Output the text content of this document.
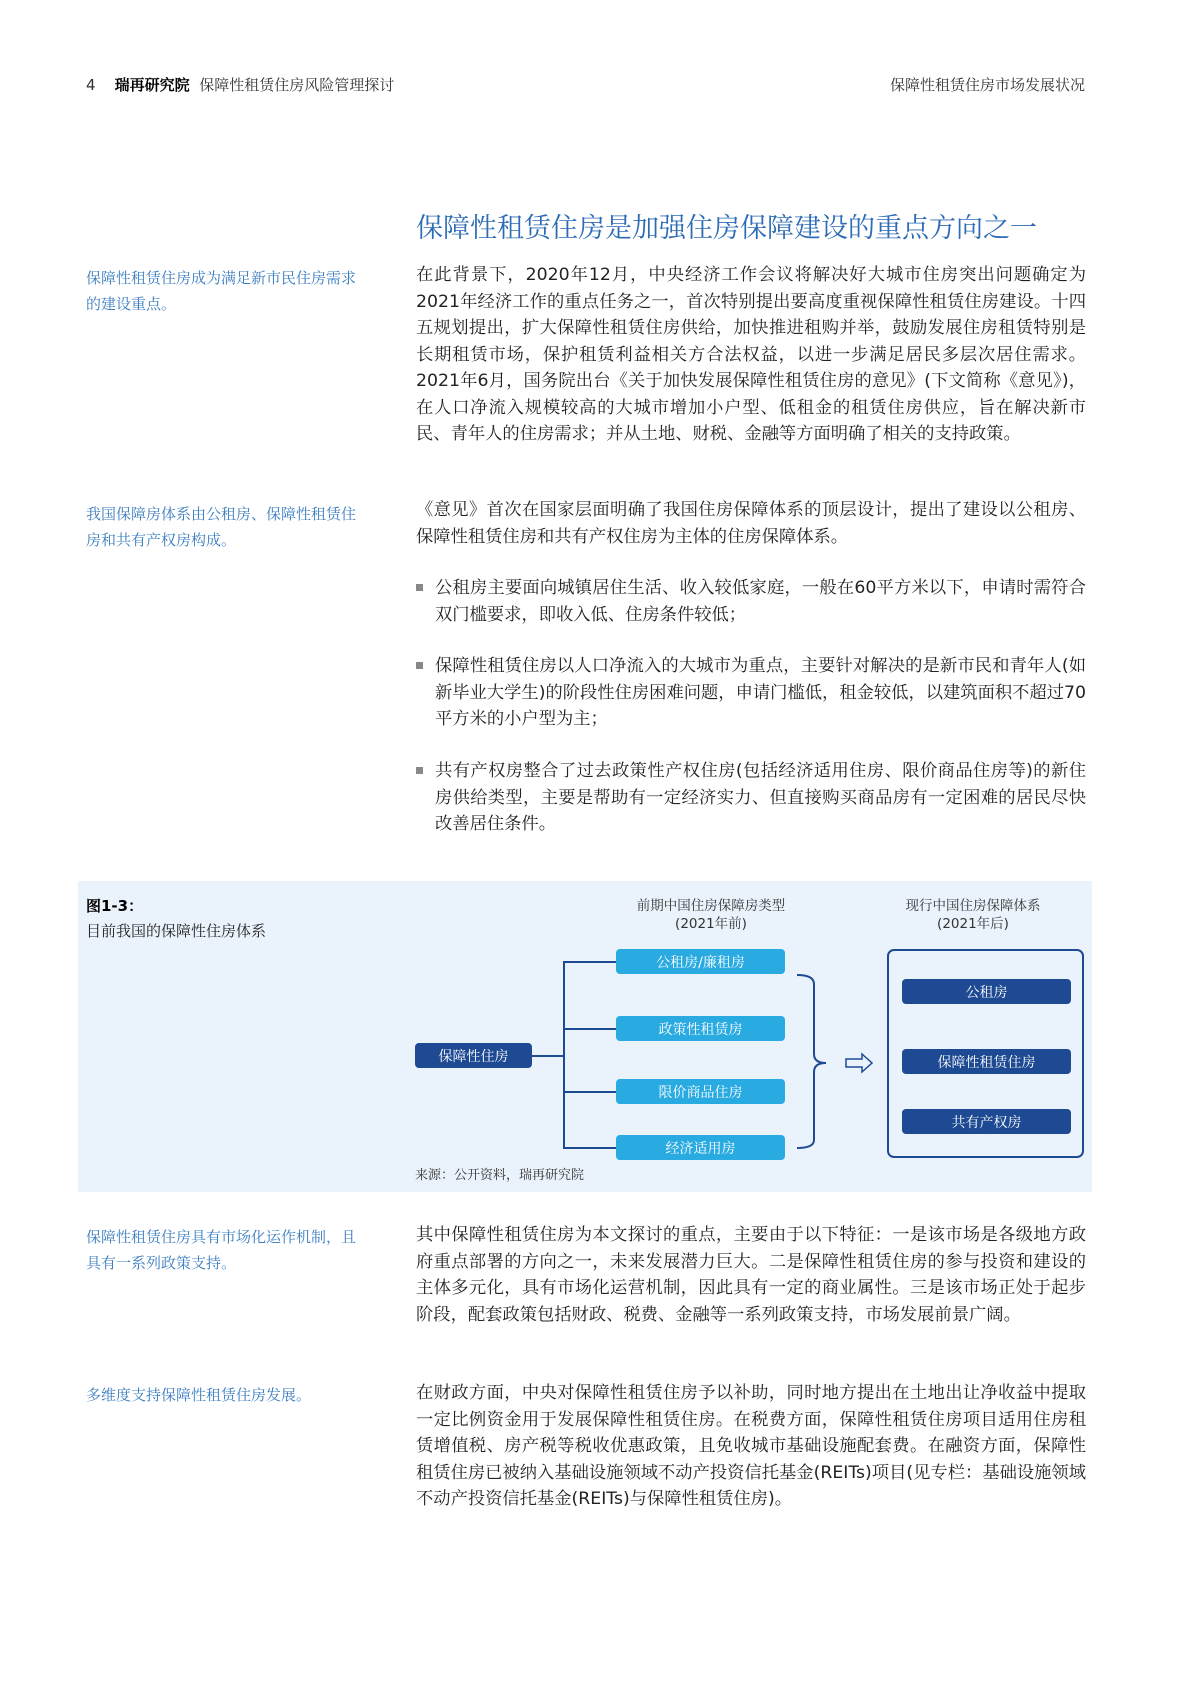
4 瑞再研究院 保障性租赁住房风险管理探讨	保障性租赁住房市场发展状况
保障性租赁住房是加强住房保障建设的重点方向之一
保障性租赁住房成为满足新市民住房需求的建设重点。
我国保障房体系由公租房、保障性租赁住房和共有产权房构成。
保障性租赁住房具有市场化运作机制，且具有一系列政策支持。
多维度支持保障性租赁住房发展。
在此背景下，2020年12月，中央经济工作会议将解决好大城市住房突出问题确定为2021年经济工作的重点任务之一，首次特别提出要高度重视保障性租赁住房建设。十四五规划提出，扩大保障性租赁住房供给，加快推进租购并举，鼓励发展住房租赁特别是长期租赁市场，保护租赁利益相关方合法权益，以进一步满足居民多层次居住需求。2021年6月，国务院出台《关于加快发展保障性租赁住房的意见》(下文简称《意见》)，在人口净流入规模较高的大城市增加小户型、低租金的租赁住房供应，旨在解决新市民、青年人的住房需求；并从土地、财税、金融等方面明确了相关的支持政策。
《意见》首次在国家层面明确了我国住房保障体系的顶层设计，提出了建设以公租房、保障性租赁住房和共有产权住房为主体的住房保障体系。
公租房主要面向城镇居住生活、收入较低家庭，一般在60平方米以下，申请时需符合双门槛要求，即收入低、住房条件较低；
保障性租赁住房以人口净流入的大城市为重点，主要针对解决的是新市民和青年人(如新毕业大学生)的阶段性住房困难问题，申请门槛低，租金较低，以建筑面积不超过70平方米的小户型为主；
共有产权房整合了过去政策性产权住房(包括经济适用住房、限价商品住房等)的新住房供给类型，主要是帮助有一定经济实力、但直接购买商品房有一定困难的居民尽快改善居住条件。
图1-3：
目前我国的保障性住房体系
前期中国住房保障房类型
(2021年前)
现行中国住房保障体系
(2021年后)
保障性住房
公租房/廉租房
政策性租赁房
限价商品住房
经济适用房
公租房
保障性租赁住房
共有产权房
来源：公开资料，瑞再研究院
其中保障性租赁住房为本文探讨的重点，主要由于以下特征：一是该市场是各级地方政府重点部署的方向之一，未来发展潜力巨大。二是保障性租赁住房的参与投资和建设的主体多元化，具有市场化运营机制，因此具有一定的商业属性。三是该市场正处于起步阶段，配套政策包括财政、税费、金融等一系列政策支持，市场发展前景广阔。
在财政方面，中央对保障性租赁住房予以补助，同时地方提出在土地出让净收益中提取一定比例资金用于发展保障性租赁住房。在税费方面，保障性租赁住房项目适用住房租赁增值税、房产税等税收优惠政策，且免收城市基础设施配套费。在融资方面，保障性租赁住房已被纳入基础设施领域不动产投资信托基金(REITs)项目(见专栏：基础设施领域不动产投资信托基金(REITs)与保障性租赁住房)。
